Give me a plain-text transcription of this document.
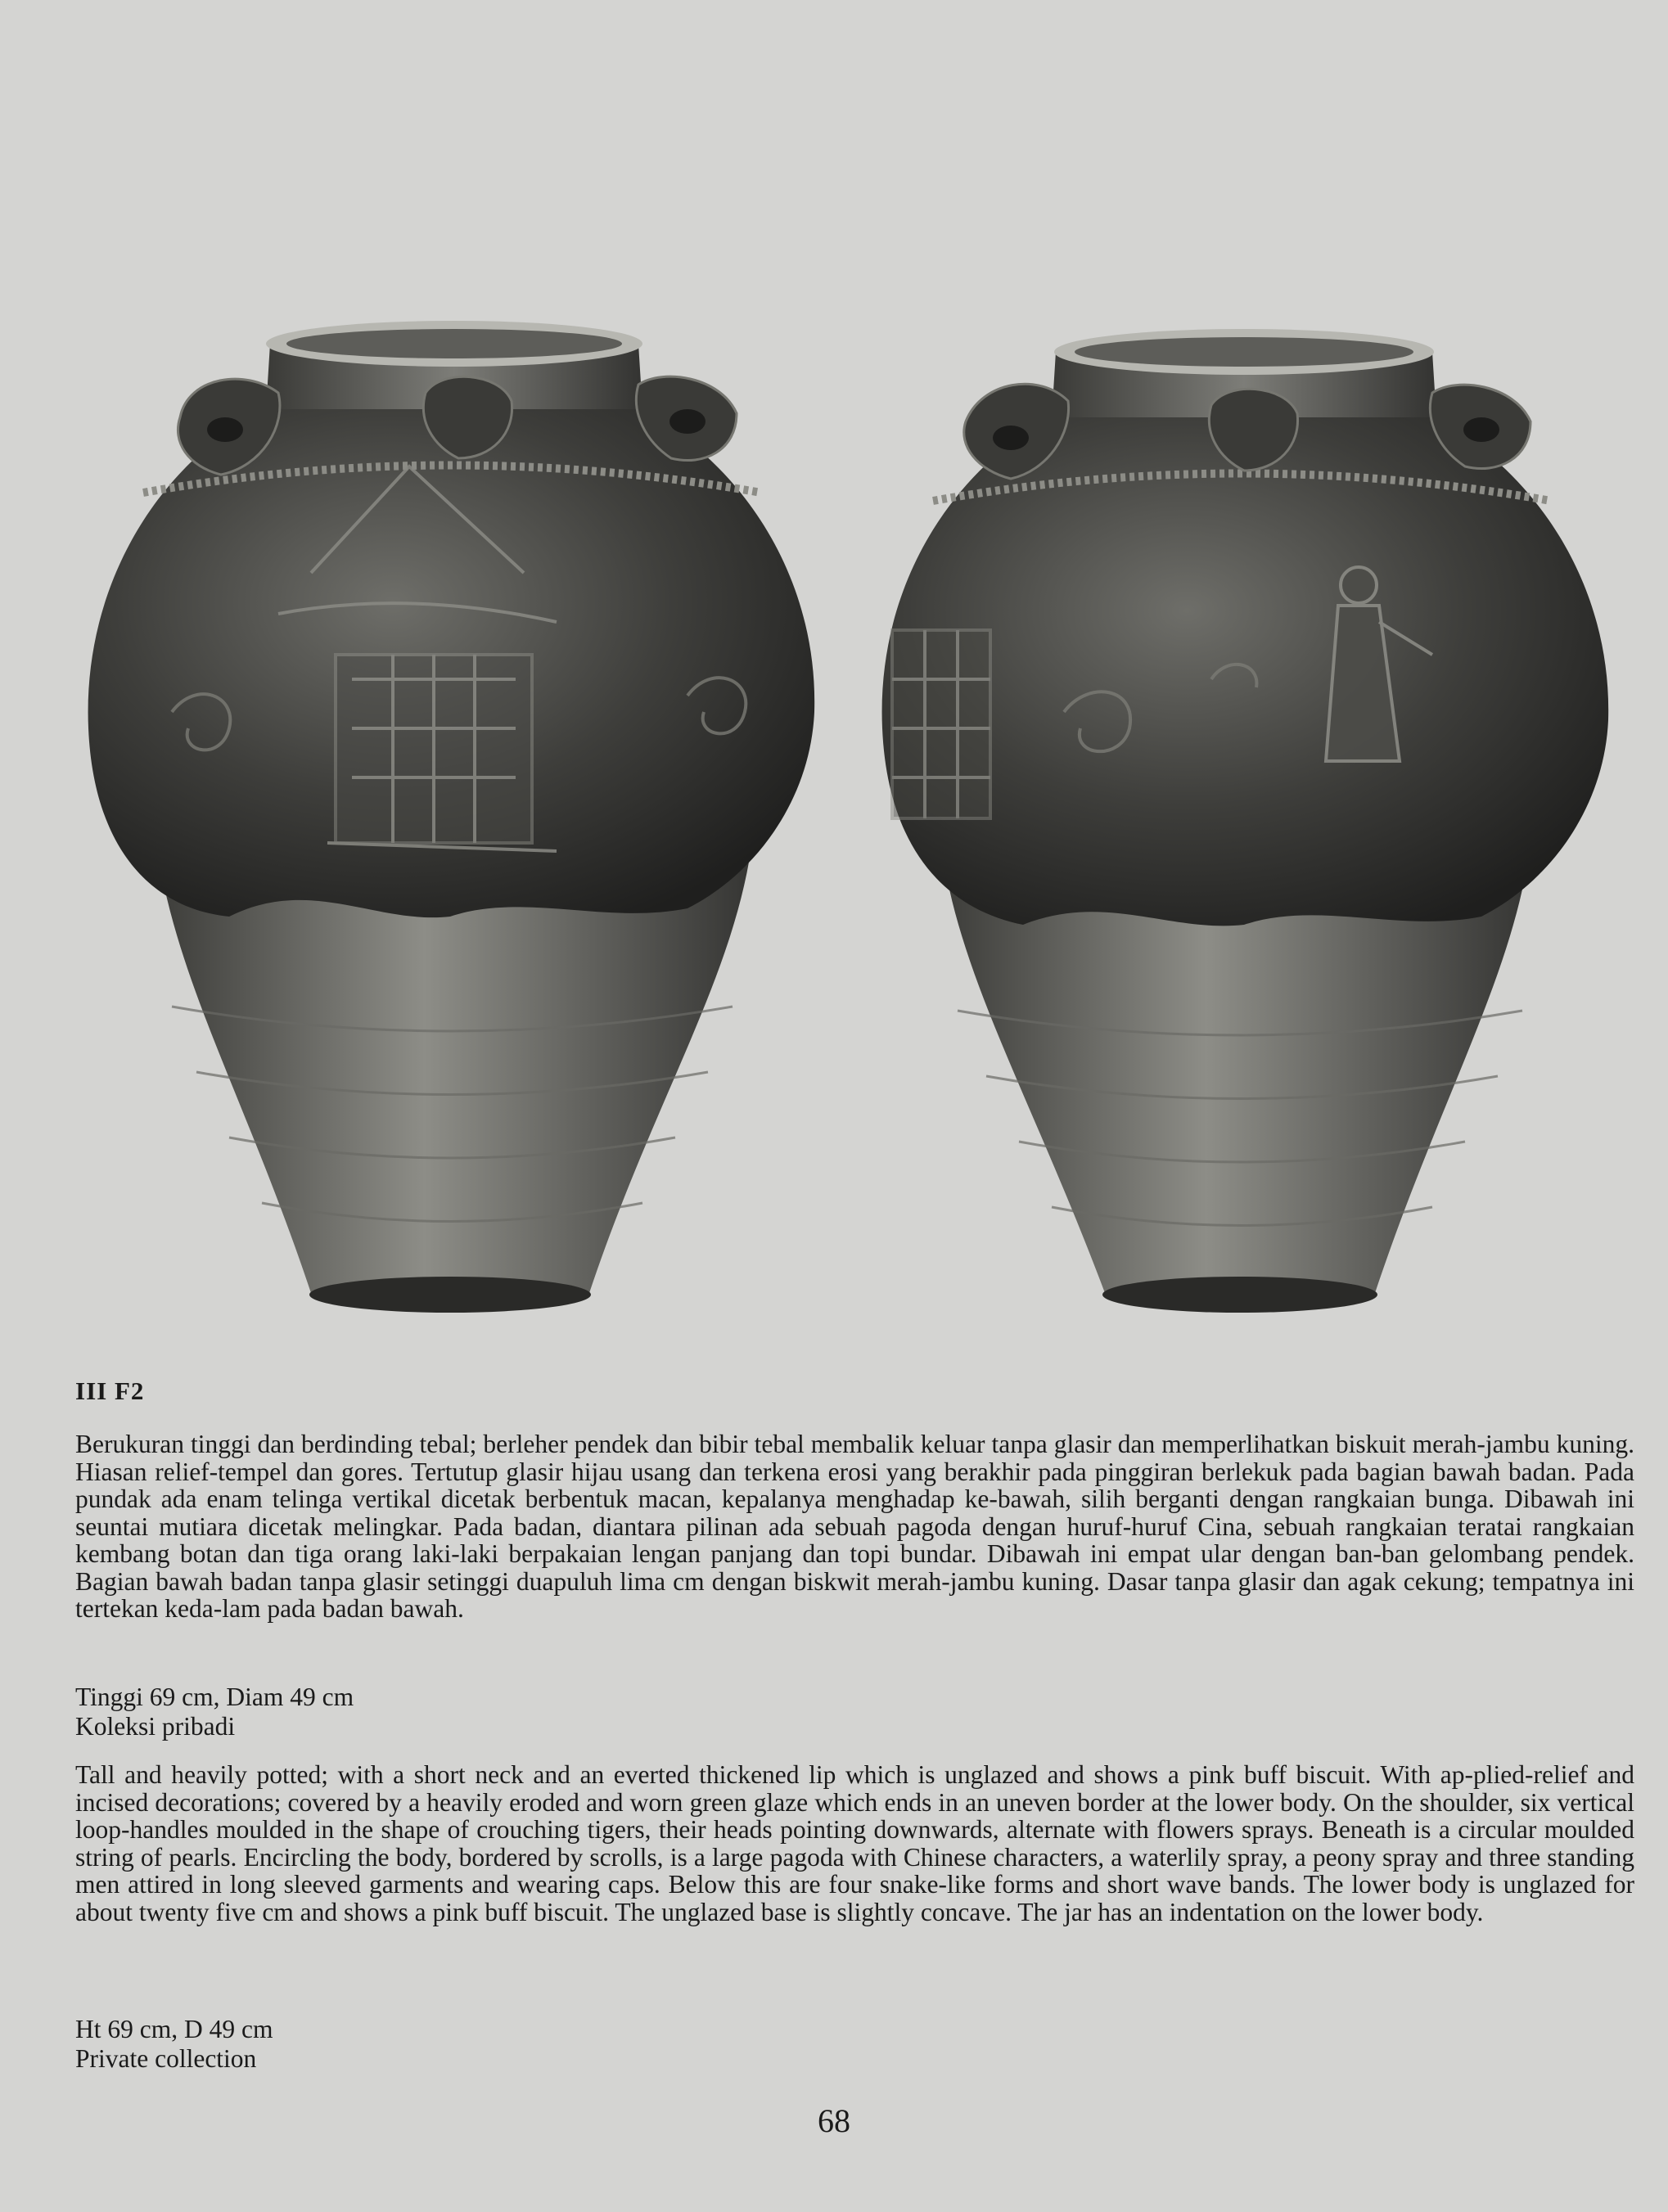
III F2

Berukuran tinggi dan berdinding tebal; berleher pendek dan bibir tebal membalik keluar tanpa glasir dan memperlihatkan biskuit merah-jambu kuning. Hiasan relief-tempel dan gores. Tertutup glasir hijau usang dan terkena erosi yang berakhir pada pinggiran berlekuk pada bagian bawah badan. Pada pundak ada enam telinga vertikal dicetak berbentuk macan, kepalanya menghadap ke-bawah, silih berganti dengan rangkaian bunga. Dibawah ini seuntai mutiara dicetak melingkar. Pada badan, diantara pilinan ada sebuah pagoda dengan huruf-huruf Cina, sebuah rangkaian teratai rangkaian kembang botan dan tiga orang laki-laki berpakaian lengan panjang dan topi bundar. Dibawah ini empat ular dengan ban-ban gelombang pendek. Bagian bawah badan tanpa glasir setinggi duapuluh lima cm dengan biskwit merah-jambu kuning. Dasar tanpa glasir dan agak cekung; tempatnya ini tertekan keda-lam pada badan bawah.

Tinggi 69 cm, Diam 49 cm
Koleksi pribadi

Tall and heavily potted; with a short neck and an everted thickened lip which is unglazed and shows a pink buff biscuit. With ap-plied-relief and incised decorations; covered by a heavily eroded and worn green glaze which ends in an uneven border at the lower body. On the shoulder, six vertical loop-handles moulded in the shape of crouching tigers, their heads pointing downwards, alternate with flowers sprays. Beneath is a circular moulded string of pearls. Encircling the body, bordered by scrolls, is a large pagoda with Chinese characters, a waterlily spray, a peony spray and three standing men attired in long sleeved garments and wearing caps. Below this are four snake-like forms and short wave bands. The lower body is unglazed for about twenty five cm and shows a pink buff biscuit. The unglazed base is slightly concave. The jar has an indentation on the lower body.

Ht 69 cm, D 49 cm
Private collection
68
